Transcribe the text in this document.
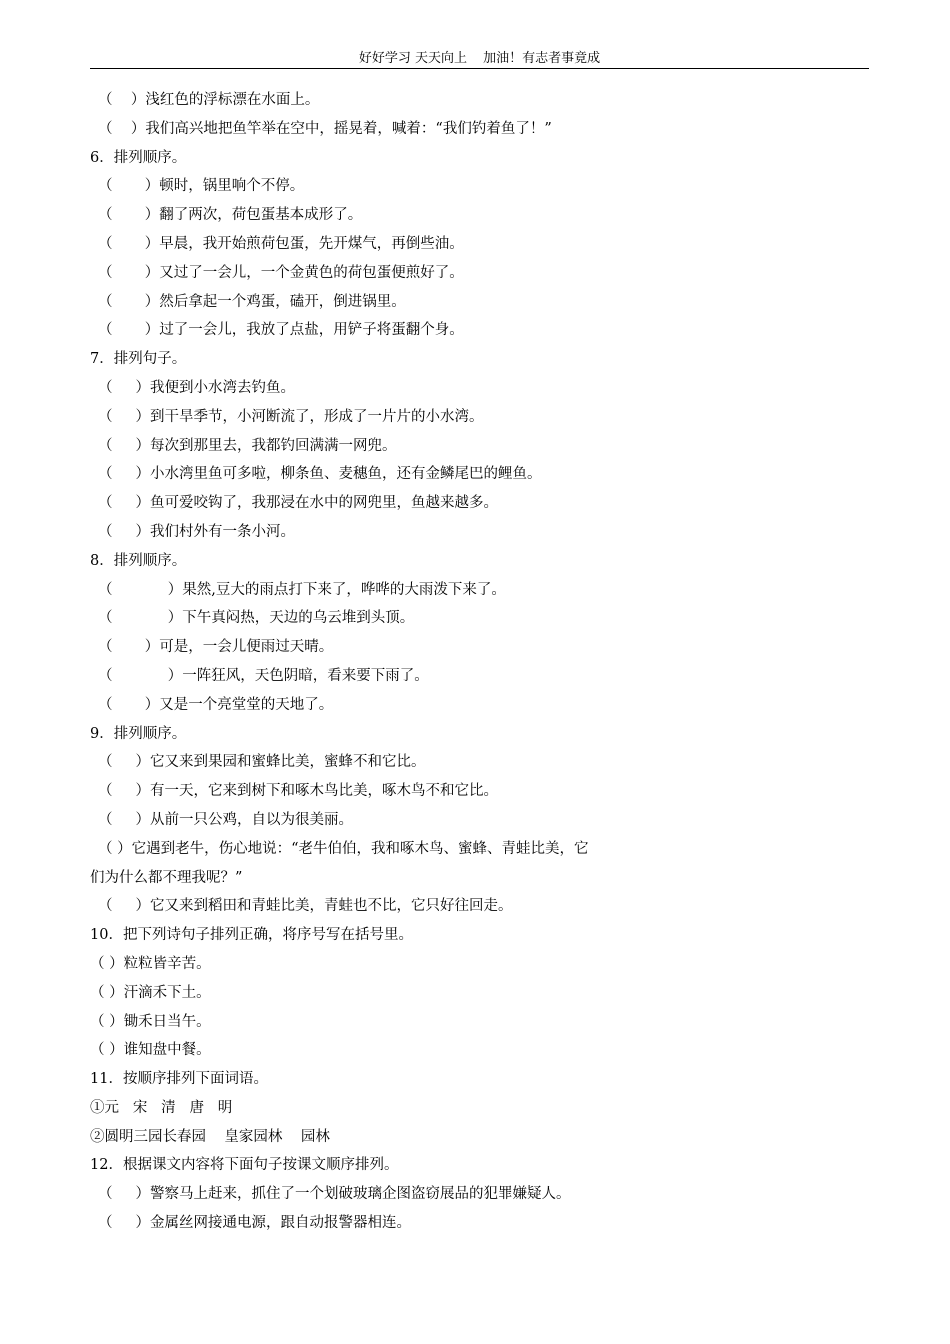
好好学习 天天向上 加油！有志者事竟成

（    ）浅红色的浮标漂在水面上。

（    ）我们高兴地把鱼竿举在空中，摇晃着，喊着：“我们钓着鱼了！”

6．排列顺序。

（       ）顿时，锅里响个不停。

（       ）翻了两次，荷包蛋基本成形了。

（       ）早晨，我开始煎荷包蛋，先开煤气，再倒些油。

（       ）又过了一会儿，一个金黄色的荷包蛋便煎好了。

（       ）然后拿起一个鸡蛋，磕开，倒进锅里。

（       ）过了一会儿，我放了点盐，用铲子将蛋翻个身。

7．排列句子。

（     ）我便到小水湾去钓鱼。

（     ）到干旱季节，小河断流了，形成了一片片的小水湾。

（     ）每次到那里去，我都钓回满满一网兜。

（     ）小水湾里鱼可多啦，柳条鱼、麦穗鱼，还有金鳞尾巴的鲤鱼。

（     ）鱼可爱咬钩了，我那浸在水中的网兜里，鱼越来越多。

（     ）我们村外有一条小河。

8．排列顺序。

（            ）果然,豆大的雨点打下来了，哗哗的大雨泼下来了。

（            ）下午真闷热，天边的乌云堆到头顶。

（       ）可是，一会儿便雨过天晴。

（            ）一阵狂风，天色阴暗，看来要下雨了。

（       ）又是一个亮堂堂的天地了。

9．排列顺序。

（     ）它又来到果园和蜜蜂比美，蜜蜂不和它比。

（     ）有一天，它来到树下和啄木鸟比美，啄木鸟不和它比。

（     ）从前一只公鸡，自以为很美丽。

（ ）它遇到老牛，伤心地说：“老牛伯伯，我和啄木鸟、蜜蜂、青蛙比美，它
们为什么都不理我呢？”

（     ）它又来到稻田和青蛙比美，青蛙也不比，它只好往回走。

10．把下列诗句子排列正确，将序号写在括号里。

（ ）粒粒皆辛苦。

（ ）汗滴禾下土。

（ ）锄禾日当午。

（ ）谁知盘中餐。

11．按顺序排列下面词语。

①元   宋   清   唐   明

②圆明三园长春园    皇家园林    园林

12．根据课文内容将下面句子按课文顺序排列。

（     ）警察马上赶来，抓住了一个划破玻璃企图盗窃展品的犯罪嫌疑人。

（     ）金属丝网接通电源，跟自动报警器相连。
